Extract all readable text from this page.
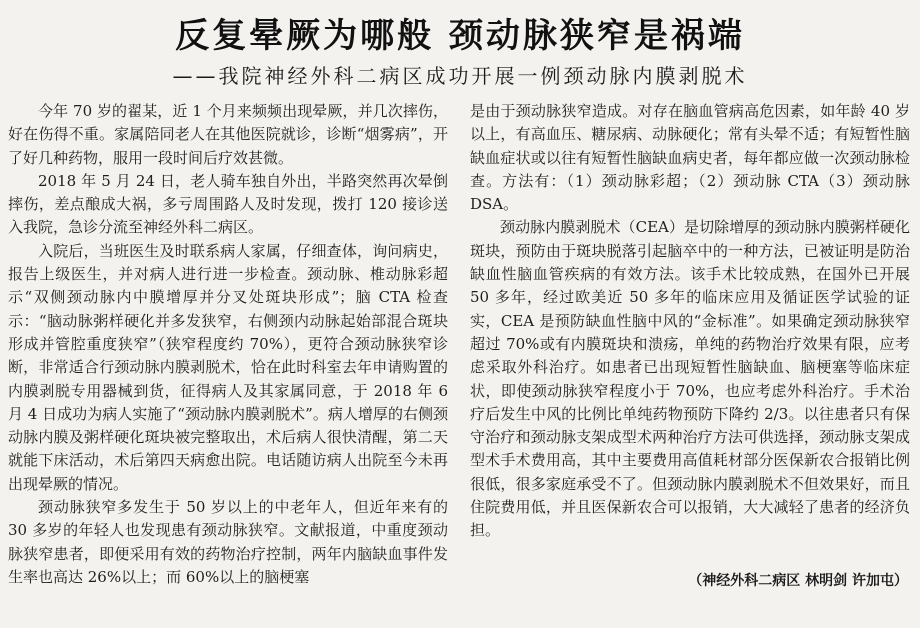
反复晕厥为哪般 颈动脉狭窄是祸端
——我院神经外科二病区成功开展一例颈动脉内膜剥脱术

今年 70 岁的翟某，近 1 个月来频频出现晕厥，并几次摔伤，好在伤得不重。家属陪同老人在其他医院就诊，诊断“烟雾病”，开了好几种药物，服用一段时间后疗效甚微。

2018 年 5 月 24 日，老人骑车独自外出，半路突然再次晕倒摔伤，差点酿成大祸，多亏周围路人及时发现，拨打 120 接诊送入我院，急诊分流至神经外科二病区。

入院后，当班医生及时联系病人家属，仔细查体，询问病史，报告上级医生，并对病人进行进一步检查。颈动脉、椎动脉彩超示“双侧颈动脉内中膜增厚并分叉处斑块形成”；脑 CTA 检查示：“脑动脉粥样硬化并多发狭窄，右侧颈内动脉起始部混合斑块形成并管腔重度狭窄”（狭窄程度约 70%），更符合颈动脉狭窄诊断，非常适合行颈动脉内膜剥脱术，恰在此时科室去年申请购置的内膜剥脱专用器械到货，征得病人及其家属同意，于 2018 年 6 月 4 日成功为病人实施了“颈动脉内膜剥脱术”。病人增厚的右侧颈动脉内膜及粥样硬化斑块被完整取出，术后病人很快清醒，第二天就能下床活动，术后第四天病愈出院。电话随访病人出院至今未再出现晕厥的情况。

颈动脉狭窄多发生于 50 岁以上的中老年人，但近年来有的 30 多岁的年轻人也发现患有颈动脉狭窄。文献报道，中重度颈动脉狭窄患者，即便采用有效的药物治疗控制，两年内脑缺血事件发生率也高达 26%以上；而 60%以上的脑梗塞

是由于颈动脉狭窄造成。对存在脑血管病高危因素，如年龄 40 岁以上，有高血压、糖尿病、动脉硬化；常有头晕不适；有短暂性脑缺血症状或以往有短暂性脑缺血病史者，每年都应做一次颈动脉检查。方法有：（1）颈动脉彩超；（2）颈动脉 CTA（3）颈动脉 DSA。

颈动脉内膜剥脱术（CEA）是切除增厚的颈动脉内膜粥样硬化斑块，预防由于斑块脱落引起脑卒中的一种方法，已被证明是防治缺血性脑血管疾病的有效方法。该手术比较成熟，在国外已开展 50 多年，经过欧美近 50 多年的临床应用及循证医学试验的证实，CEA 是预防缺血性脑中风的“金标准”。如果确定颈动脉狭窄超过 70%或有内膜斑块和溃疡，单纯的药物治疗效果有限，应考虑采取外科治疗。如患者已出现短暂性脑缺血、脑梗塞等临床症状，即使颈动脉狭窄程度小于 70%，也应考虑外科治疗。手术治疗后发生中风的比例比单纯药物预防下降约 2/3。以往患者只有保守治疗和颈动脉支架成型术两种治疗方法可供选择，颈动脉支架成型术手术费用高，其中主要费用高值耗材部分医保新农合报销比例很低，很多家庭承受不了。但颈动脉内膜剥脱术不但效果好，而且住院费用低，并且医保新农合可以报销，大大减轻了患者的经济负担。

（神经外科二病区 林明剑 许加屯）
